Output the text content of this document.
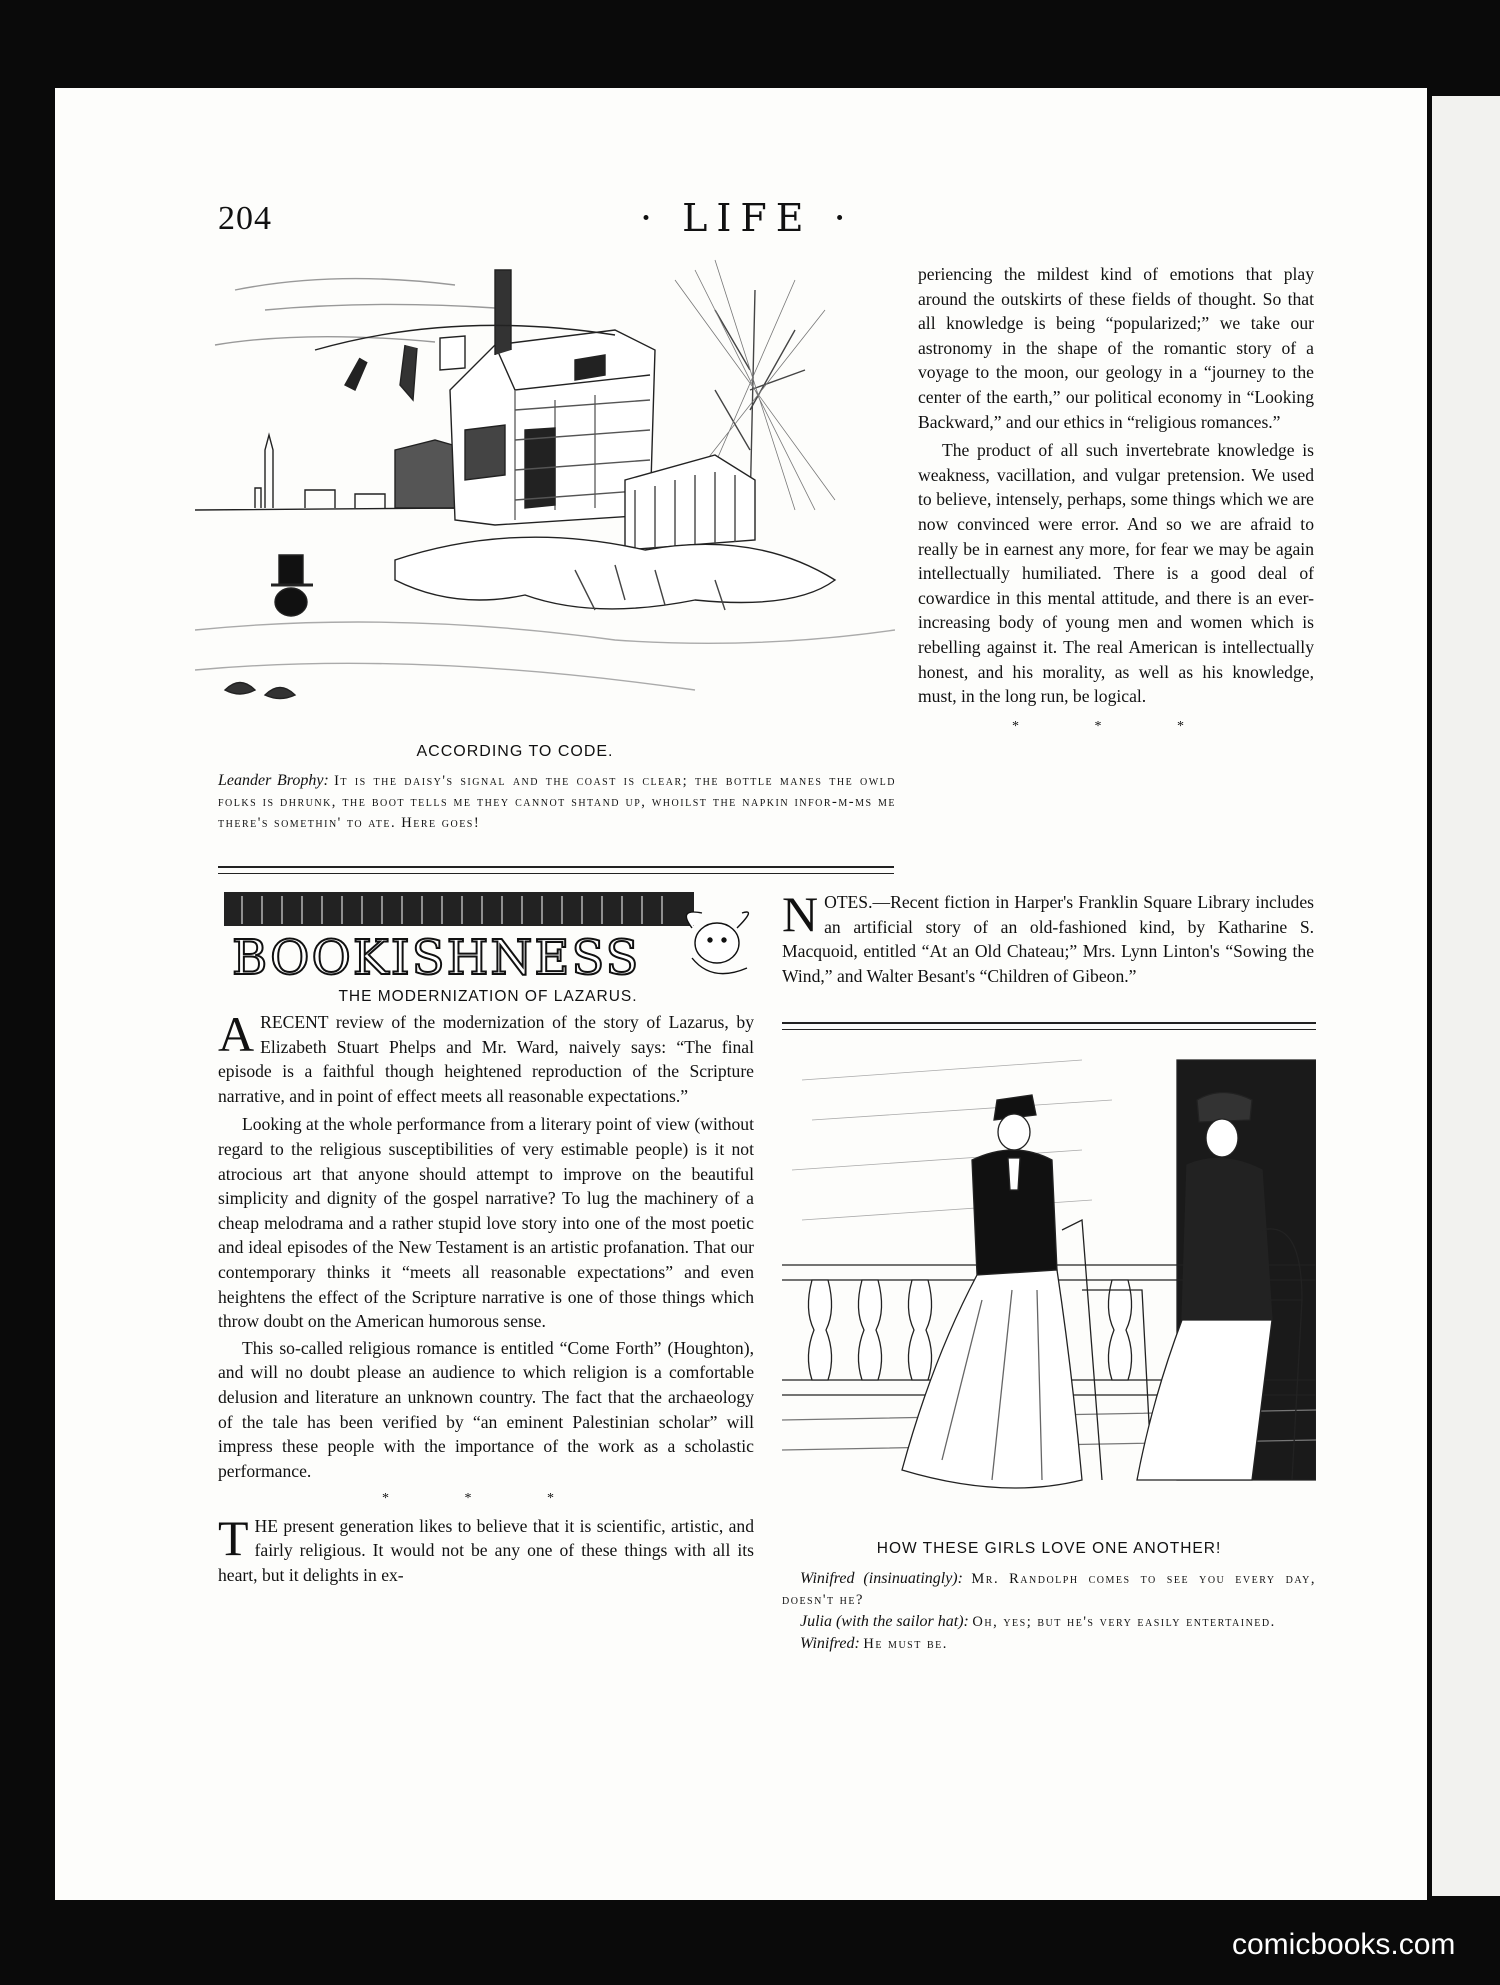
204	· LIFE ·
ACCORDING TO CODE.
Leander Brophy: It is the daisy's signal and the coast is clear; the bottle manes the owld folks is dhrunk, the boot tells me they cannot shtand up, whoilst the napkin infor-m-ms me there's somethin' to ate. Here goes!

periencing the mildest kind of emotions that play around the outskirts of these fields of thought. So that all knowledge is being “popularized;” we take our astronomy in the shape of the romantic story of a voyage to the moon, our geology in a “journey to the center of the earth,” our political economy in “Looking Backward,” and our ethics in “religious romances.”

The product of all such invertebrate knowledge is weakness, vacillation, and vulgar pretension. We used to believe, intensely, perhaps, some things which we are now convinced were error. And so we are afraid to really be in earnest any more, for fear we may be again intellectually humiliated. There is a good deal of cowardice in this mental attitude, and there is an ever-increasing body of young men and women which is rebelling against it. The real American is intellectually honest, and his morality, as well as his knowledge, must, in the long run, be logical.

* * *
BOOKISHNESS
THE MODERNIZATION OF LAZARUS.

A RECENT review of the modernization of the story of Lazarus, by Elizabeth Stuart Phelps and Mr. Ward, naively says: “The final episode is a faithful though heightened reproduction of the Scripture narrative, and in point of effect meets all reasonable expectations.”

Looking at the whole performance from a literary point of view (without regard to the religious susceptibilities of very estimable people) is it not atrocious art that anyone should attempt to improve on the beautiful simplicity and dignity of the gospel narrative? To lug the machinery of a cheap melodrama and a rather stupid love story into one of the most poetic and ideal episodes of the New Testament is an artistic profanation. That our contemporary thinks it “meets all reasonable expectations” and even heightens the effect of the Scripture narrative is one of those things which throw doubt on the American humorous sense.

This so-called religious romance is entitled “Come Forth” (Houghton), and will no doubt please an audience to which religion is a comfortable delusion and literature an unknown country. The fact that the archaeology of the tale has been verified by “an eminent Palestinian scholar” will impress these people with the importance of the work as a scholastic performance.

* * *

T HE present generation likes to believe that it is scientific, artistic, and fairly religious. It would not be any one of these things with all its heart, but it delights in ex-

N OTES.—Recent fiction in Harper's Franklin Square Library includes an artificial story of an old-fashioned kind, by Katharine S. Macquoid, entitled “At an Old Chateau;” Mrs. Lynn Linton's “Sowing the Wind,” and Walter Besant's “Children of Gibeon.”

HOW THESE GIRLS LOVE ONE ANOTHER!
Winifred (insinuatingly): Mr. Randolph comes to see you every day, doesn't he?
Julia (with the sailor hat): Oh, yes; but he's very easily entertained.
Winifred: He must be.
comicbooks.com
